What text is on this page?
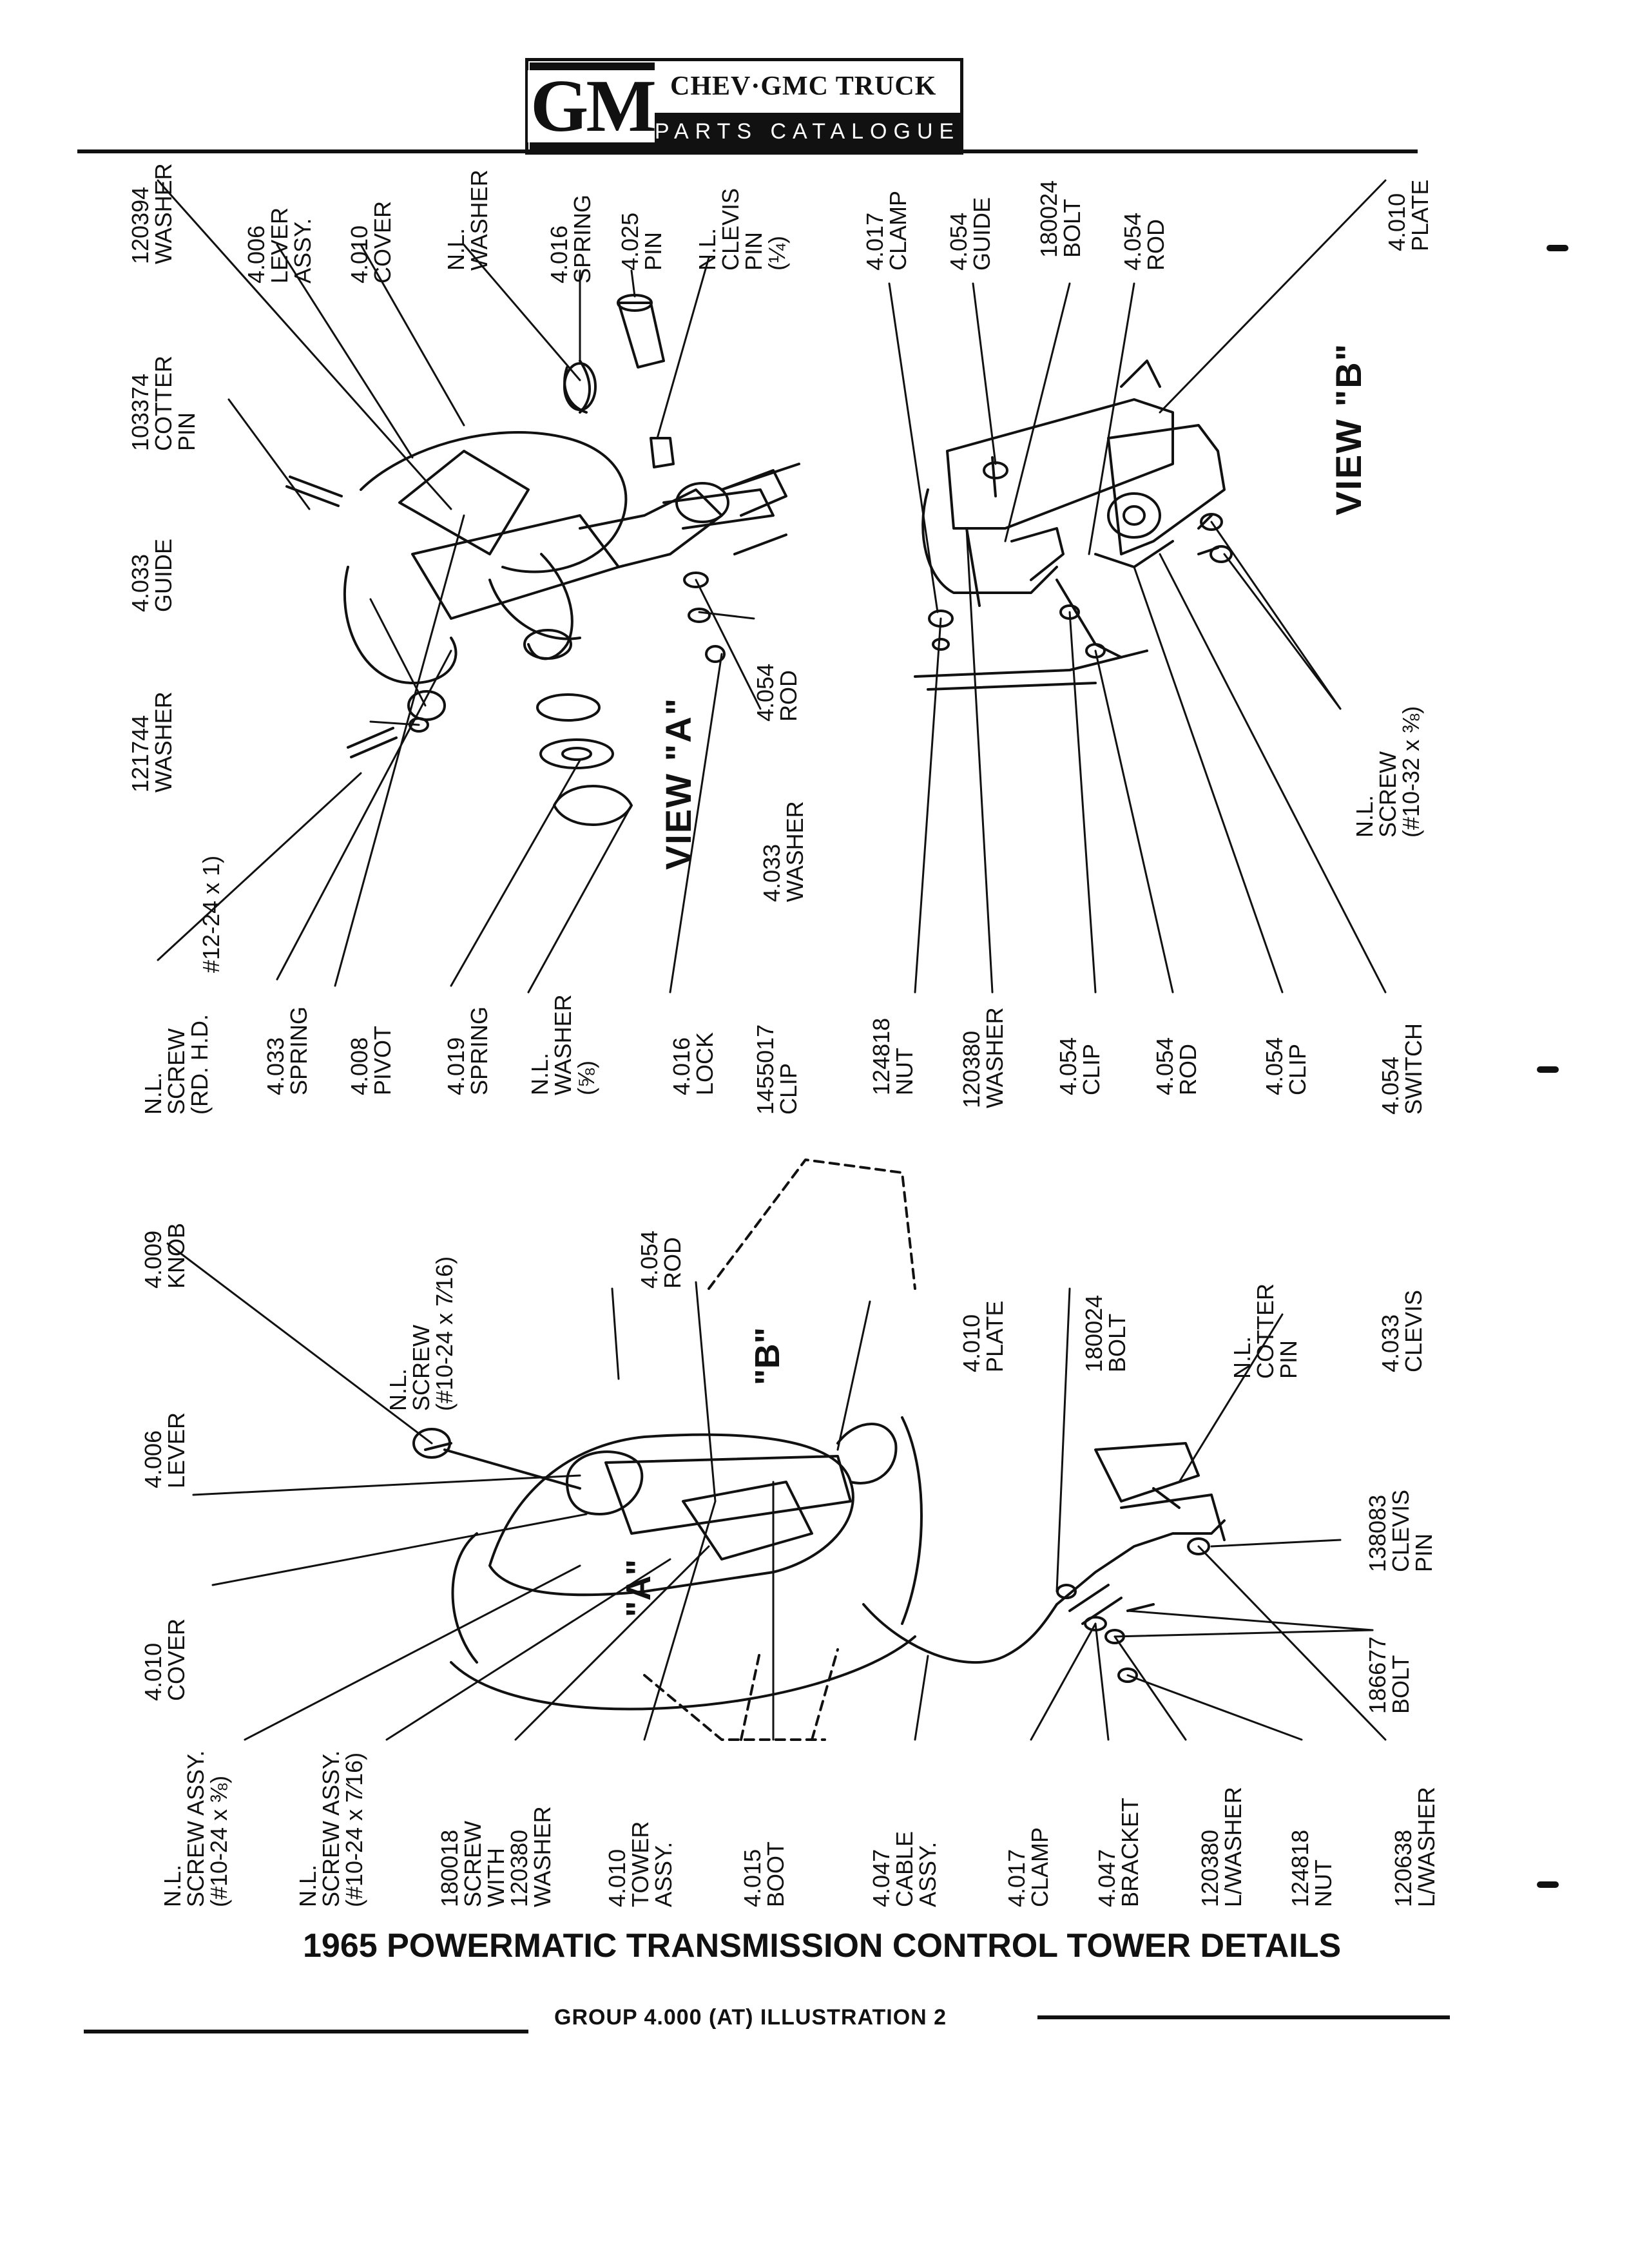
GM CHEV·GMC TRUCK
PARTS CATALOGUE
120394
WASHER	4.006
LEVER
ASSY. 4.010
COVER N.L.
WASHER 4.016
SPRING 4.025
PIN N.L.
CLEVIS
PIN
(¼)
103374
COTTER
PIN
4.033
GUIDE
121744
WASHER
#12-24 x 1)
4.054
ROD
4.033
WASHER
N.L.
SCREW
(RD. H.D. 4.033
SPRING 4.008
PIVOT 4.019
SPRING N.L.
WASHER
(⅝)	4.016
LOCK 1455017
CLIP
VIEW "A"
VIEW "B"
4.017
CLAMP 4.054
GUIDE 180024
BOLT 4.054
ROD	4.010
PLATE
N.L.
SCREW
(#10-32 x ⅜)
124818
NUT 120380
WASHER 4.054
CLIP 4.054
ROD	4.054
CLIP	4.054
SWITCH
4.009
KNOB
N.L.
SCREW
(#10-24 x 7⁄16)	4.054
ROD
4.010
PLATE	180024
BOLT	N.L.
COTTER
PIN	4.033
CLEVIS
4.006
LEVER
4.010
COVER
138083
CLEVIS
PIN
186677
BOLT
N.L.
SCREW ASSY.
(#10-24 x ⅜)	N.L.
SCREW ASSY.
(#10-24 x 7⁄16)	180018
SCREW
WITH
120380
WASHER 4.010
TOWER
ASSY.	4.015
BOOT	4.047
CABLE
ASSY.	4.017
CLAMP 4.047
BRACKET 120380
L/WASHER 124818
NUT 120638
L/WASHER
"A"
"B"
1965 POWERMATIC TRANSMISSION CONTROL TOWER DETAILS
GROUP 4.000 (AT) ILLUSTRATION 2
